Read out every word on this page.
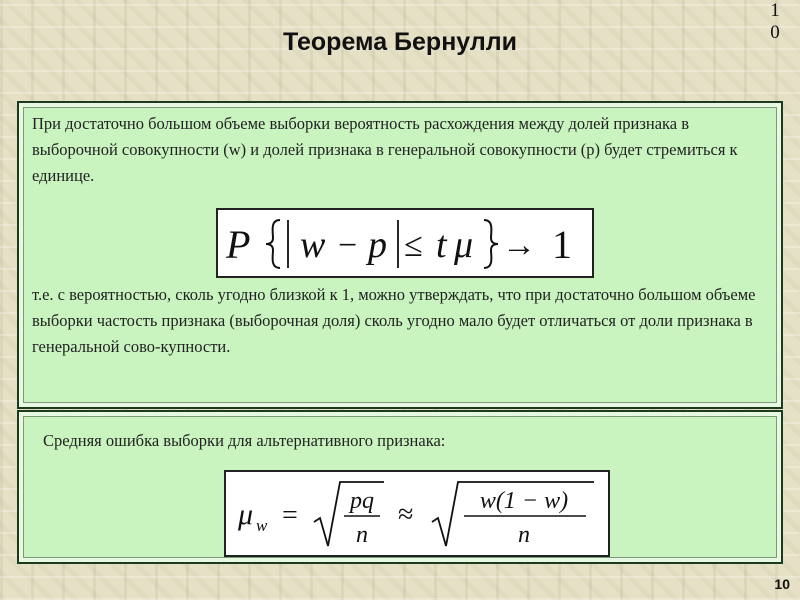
10
Теорема Бернулли

При достаточно большом объеме выборки вероятность расхождения между долей признака в выборочной совокупности (w) и долей признака в генеральной совокупности (p) будет стремиться к единице.

P w − p ≤ t μ → 1

т.е. с вероятностью, сколь угодно близкой к 1, можно утверждать, что при достаточно большом объеме выборки частость признака (выборочная доля) сколь угодно мало будет отличаться от доли признака в генеральной сово-купности.

Средняя ошибка выборки для альтернативного признака:

μ w = pq
n
≈	w(1 − w)
n
10
